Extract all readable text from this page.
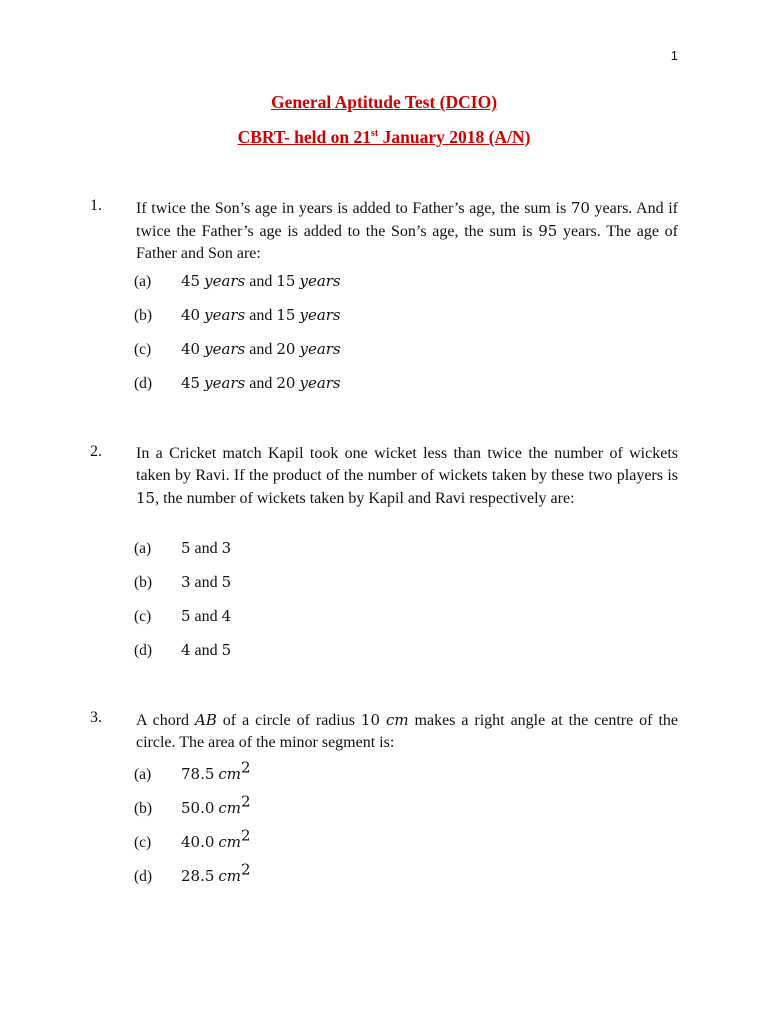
1
General Aptitude Test (DCIO)
CBRT- held on 21st January 2018 (A/N)
1. If twice the Son’s age in years is added to Father’s age, the sum is 70 years. And if twice the Father’s age is added to the Son’s age, the sum is 95 years. The age of Father and Son are:
(a) 45 years and 15 years
(b) 40 years and 15 years
(c) 40 years and 20 years
(d) 45 years and 20 years
2. In a Cricket match Kapil took one wicket less than twice the number of wickets taken by Ravi. If the product of the number of wickets taken by these two players is 15, the number of wickets taken by Kapil and Ravi respectively are:
(a) 5 and 3
(b) 3 and 5
(c) 5 and 4
(d) 4 and 5
3. A chord AB of a circle of radius 10 cm makes a right angle at the centre of the circle. The area of the minor segment is:
(a) 78.5 $cm^2$
(b) 50.0 $cm^2$
(c) 40.0 $cm^2$
(d) 28.5 $cm^2$
